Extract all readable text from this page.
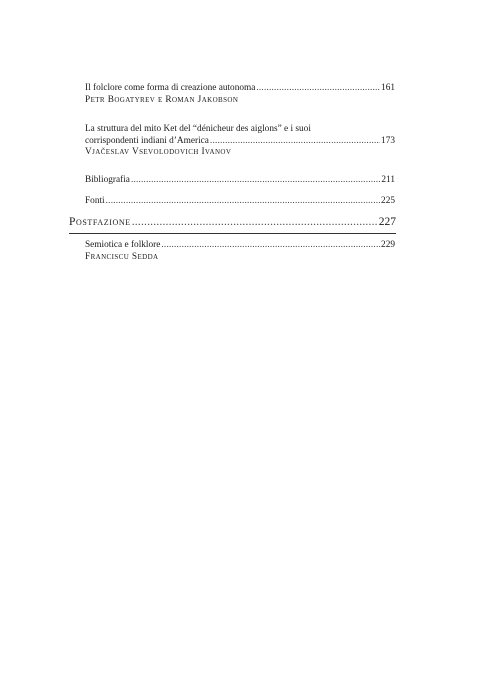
Il folclore come forma di creazione autonoma .....	161
Petr Bogatyrev e Roman Jakobson
La struttura del mito Ket del “dénicheur des aiglons” e i suoi
corrispondenti indiani d’America .....	173
Vjačeslav Vsevolodovich Ivanov
Bibliografia .....	211
Fonti .....	225
Postfazione .....	227
Semiotica e folklore .....	229
Franciscu Sedda
